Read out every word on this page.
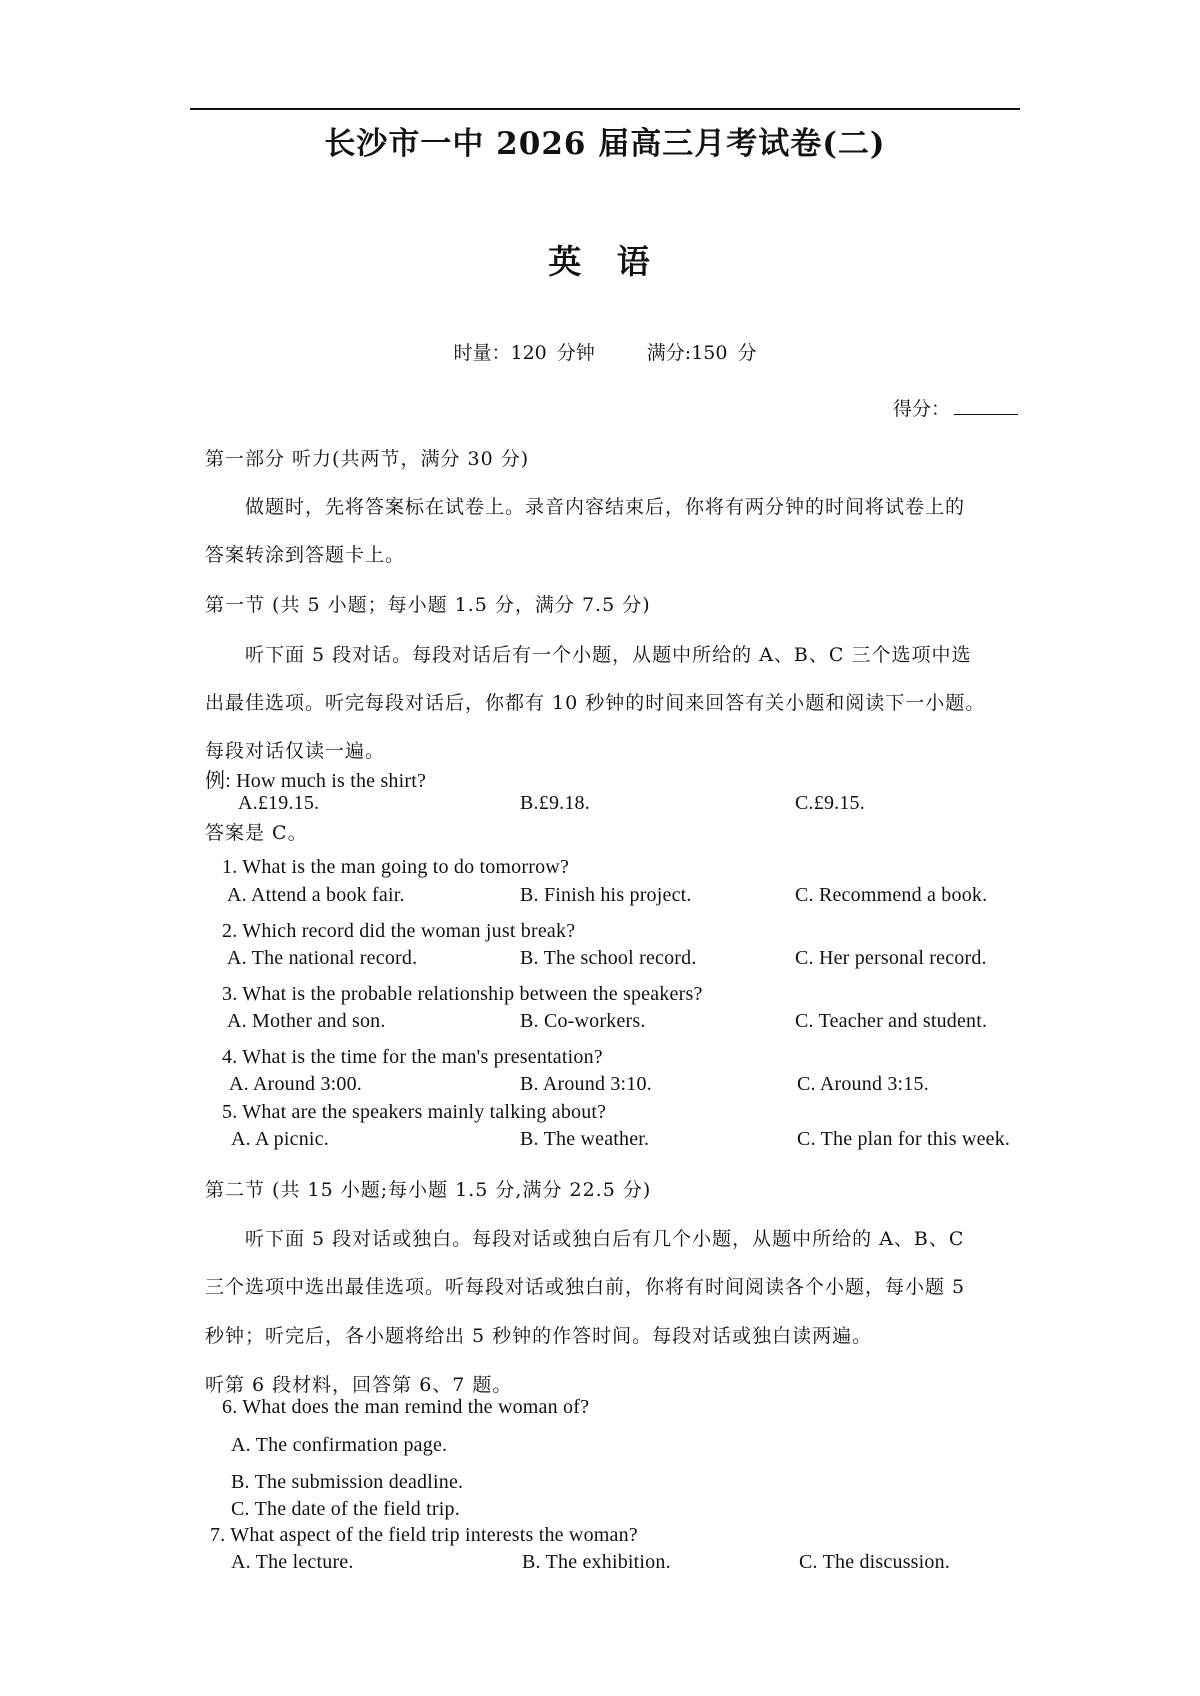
长沙市一中 2026 届高三月考试卷(二)
英 语
时量：120 分钟	满分:150 分
得分：
第一部分 听力(共两节，满分 30 分)
做题时，先将答案标在试卷上。录音内容结束后，你将有两分钟的时间将试卷上的
答案转涂到答题卡上。
第一节 (共 5 小题；每小题 1.5 分，满分 7.5 分)
听下面 5 段对话。每段对话后有一个小题，从题中所给的 A、B、C 三个选项中选
出最佳选项。听完每段对话后，你都有 10 秒钟的时间来回答有关小题和阅读下一小题。
每段对话仅读一遍。
例: How much is the shirt?
A.£19.15.	B.£9.18.	C.£9.15.
答案是 C。
1. What is the man going to do tomorrow?
A. Attend a book fair.	B. Finish his project.	C. Recommend a book.
2. Which record did the woman just break?
A. The national record.	B. The school record.	C. Her personal record.
3. What is the probable relationship between the speakers?
A. Mother and son.	B. Co-workers.	C. Teacher and student.
4. What is the time for the man's presentation?
A. Around 3:00.	B. Around 3:10.	C. Around 3:15.
5. What are the speakers mainly talking about?
A. A picnic.	B. The weather.	C. The plan for this week.
第二节 (共 15 小题;每小题 1.5 分,满分 22.5 分)
听下面 5 段对话或独白。每段对话或独白后有几个小题，从题中所给的 A、B、C
三个选项中选出最佳选项。听每段对话或独白前，你将有时间阅读各个小题，每小题 5
秒钟；听完后，各小题将给出 5 秒钟的作答时间。每段对话或独白读两遍。
听第 6 段材料，回答第 6、7 题。
6. What does the man remind the woman of?
A. The confirmation page.
B. The submission deadline.
C. The date of the field trip.
7. What aspect of the field trip interests the woman?
A. The lecture.	B. The exhibition.	C. The discussion.
